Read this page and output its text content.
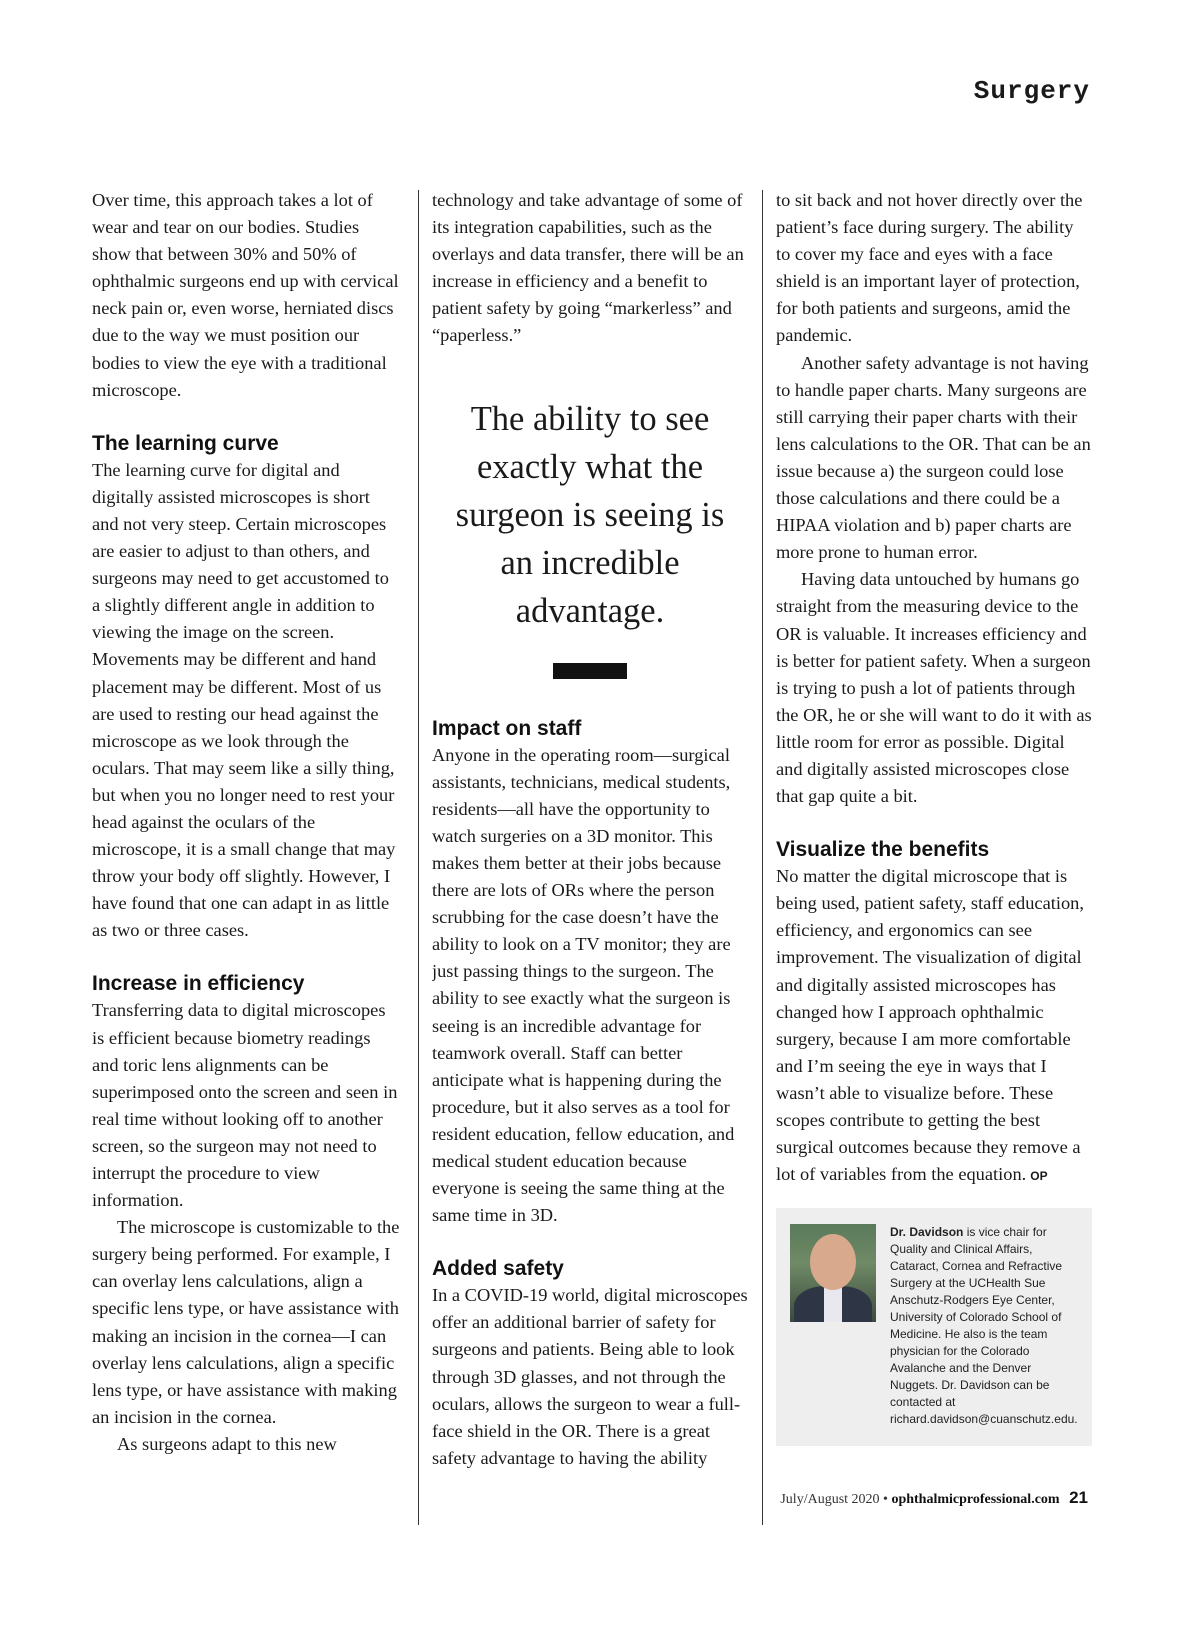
Surgery

Over time, this approach takes a lot of wear and tear on our bodies. Studies show that between 30% and 50% of ophthalmic surgeons end up with cervical neck pain or, even worse, herniated discs due to the way we must position our bodies to view the eye with a traditional microscope.

The learning curve

The learning curve for digital and digitally assisted microscopes is short and not very steep. Certain microscopes are easier to adjust to than others, and surgeons may need to get accustomed to a slightly different angle in addition to viewing the image on the screen. Movements may be different and hand placement may be different. Most of us are used to resting our head against the microscope as we look through the oculars. That may seem like a silly thing, but when you no longer need to rest your head against the oculars of the microscope, it is a small change that may throw your body off slightly. However, I have found that one can adapt in as little as two or three cases.

Increase in efficiency

Transferring data to digital microscopes is efficient because biometry readings and toric lens alignments can be superimposed onto the screen and seen in real time without looking off to another screen, so the surgeon may not need to interrupt the procedure to view information.

The microscope is customizable to the surgery being performed. For example, I can overlay lens calculations, align a specific lens type, or have assistance with making an incision in the cornea—I can overlay lens calculations, align a specific lens type, or have assistance with making an incision in the cornea.

As surgeons adapt to this new

technology and take advantage of some of its integration capabilities, such as the overlays and data transfer, there will be an increase in efficiency and a benefit to patient safety by going “markerless” and “paperless.”

The ability to see exactly what the surgeon is seeing is an incredible advantage.
Impact on staff

Anyone in the operating room—surgical assistants, technicians, medical students, residents—all have the opportunity to watch surgeries on a 3D monitor. This makes them better at their jobs because there are lots of ORs where the person scrubbing for the case doesn’t have the ability to look on a TV monitor; they are just passing things to the surgeon. The ability to see exactly what the surgeon is seeing is an incredible advantage for teamwork overall. Staff can better anticipate what is happening during the procedure, but it also serves as a tool for resident education, fellow education, and medical student education because everyone is seeing the same thing at the same time in 3D.

Added safety

In a COVID-19 world, digital microscopes offer an additional barrier of safety for surgeons and patients. Being able to look through 3D glasses, and not through the oculars, allows the surgeon to wear a full-face shield in the OR. There is a great safety advantage to having the ability

to sit back and not hover directly over the patient’s face during surgery. The ability to cover my face and eyes with a face shield is an important layer of protection, for both patients and surgeons, amid the pandemic.

Another safety advantage is not having to handle paper charts. Many surgeons are still carrying their paper charts with their lens calculations to the OR. That can be an issue because a) the surgeon could lose those calculations and there could be a HIPAA violation and b) paper charts are more prone to human error.

Having data untouched by humans go straight from the measuring device to the OR is valuable. It increases efficiency and is better for patient safety. When a surgeon is trying to push a lot of patients through the OR, he or she will want to do it with as little room for error as possible. Digital and digitally assisted microscopes close that gap quite a bit.

Visualize the benefits

No matter the digital microscope that is being used, patient safety, staff education, efficiency, and ergonomics can see improvement. The visualization of digital and digitally assisted microscopes has changed how I approach ophthalmic surgery, because I am more comfortable and I’m seeing the eye in ways that I wasn’t able to visualize before. These scopes contribute to getting the best surgical outcomes because they remove a lot of variables from the equation. OP

Dr. Davidson is vice chair for Quality and Clinical Affairs, Cataract, Cornea and Refractive Surgery at the UCHealth Sue Anschutz-Rodgers Eye Center, University of Colorado School of Medicine. He also is the team physician for the Colorado Avalanche and the Denver Nuggets. Dr. Davidson can be contacted at richard.davidson@cuanschutz.edu.
July/August 2020 • ophthalmicprofessional.com 21
